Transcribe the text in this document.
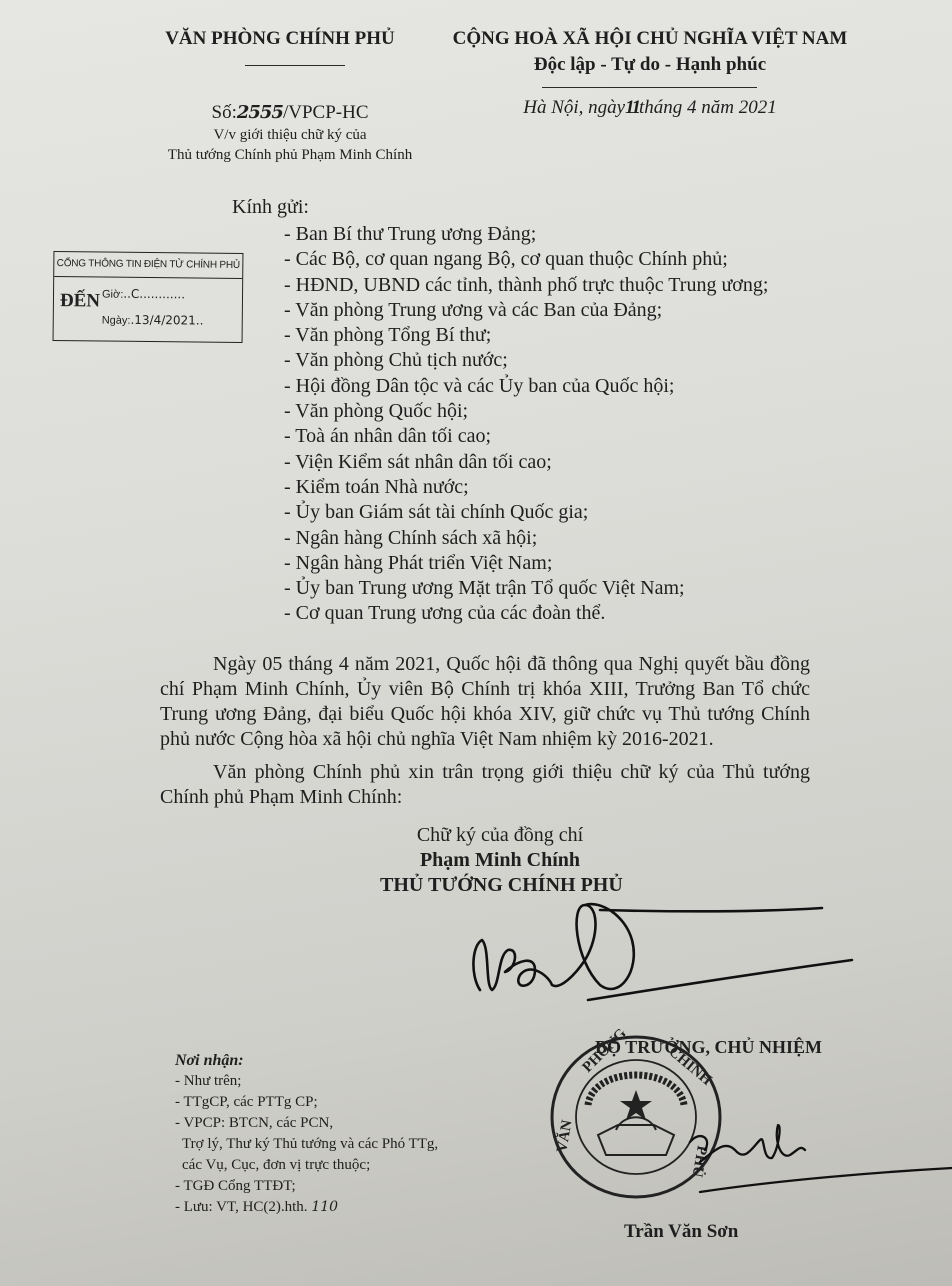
VĂN PHÒNG CHÍNH PHỦ
Số:2555/VPCP-HC
V/v giới thiệu chữ ký của
Thủ tướng Chính phủ Phạm Minh Chính
CỘNG HOÀ XÃ HỘI CHỦ NGHĨA VIỆT NAM
Độc lập - Tự do - Hạnh phúc
Hà Nội, ngày11tháng 4 năm 2021
CỔNG THÔNG TIN ĐIỆN TỬ CHÍNH PHỦ
ĐẾN Giờ:..C............
Ngày:.13/4/2021..
Kính gửi:
- Ban Bí thư Trung ương Đảng;
- Các Bộ, cơ quan ngang Bộ, cơ quan thuộc Chính phủ;
- HĐND, UBND các tỉnh, thành phố trực thuộc Trung ương;
- Văn phòng Trung ương và các Ban của Đảng;
- Văn phòng Tổng Bí thư;
- Văn phòng Chủ tịch nước;
- Hội đồng Dân tộc và các Ủy ban của Quốc hội;
- Văn phòng Quốc hội;
- Toà án nhân dân tối cao;
- Viện Kiểm sát nhân dân tối cao;
- Kiểm toán Nhà nước;
- Ủy ban Giám sát tài chính Quốc gia;
- Ngân hàng Chính sách xã hội;
- Ngân hàng Phát triển Việt Nam;
- Ủy ban Trung ương Mặt trận Tổ quốc Việt Nam;
- Cơ quan Trung ương của các đoàn thể.

Ngày 05 tháng 4 năm 2021, Quốc hội đã thông qua Nghị quyết bầu đồng chí Phạm Minh Chính, Ủy viên Bộ Chính trị khóa XIII, Trưởng Ban Tổ chức Trung ương Đảng, đại biểu Quốc hội khóa XIV, giữ chức vụ Thủ tướng Chính phủ nước Cộng hòa xã hội chủ nghĩa Việt Nam nhiệm kỳ 2016-2021.

Văn phòng Chính phủ xin trân trọng giới thiệu chữ ký của Thủ tướng Chính phủ Phạm Minh Chính:

Chữ ký của đồng chí
Phạm Minh Chính
THỦ TƯỚNG CHÍNH PHỦ
Nơi nhận:
- Như trên;
- TTgCP, các PTTg CP;
- VPCP: BTCN, các PCN,
Trợ lý, Thư ký Thủ tướng và các Phó TTg,
các Vụ, Cục, đơn vị trực thuộc;
- TGĐ Cổng TTĐT;
- Lưu: VT, HC(2).hth. 110
BỘ TRƯỞNG, CHỦ NHIỆM
VĂN
PHÒNG CHÍNH
PHỦ
Trần Văn Sơn
